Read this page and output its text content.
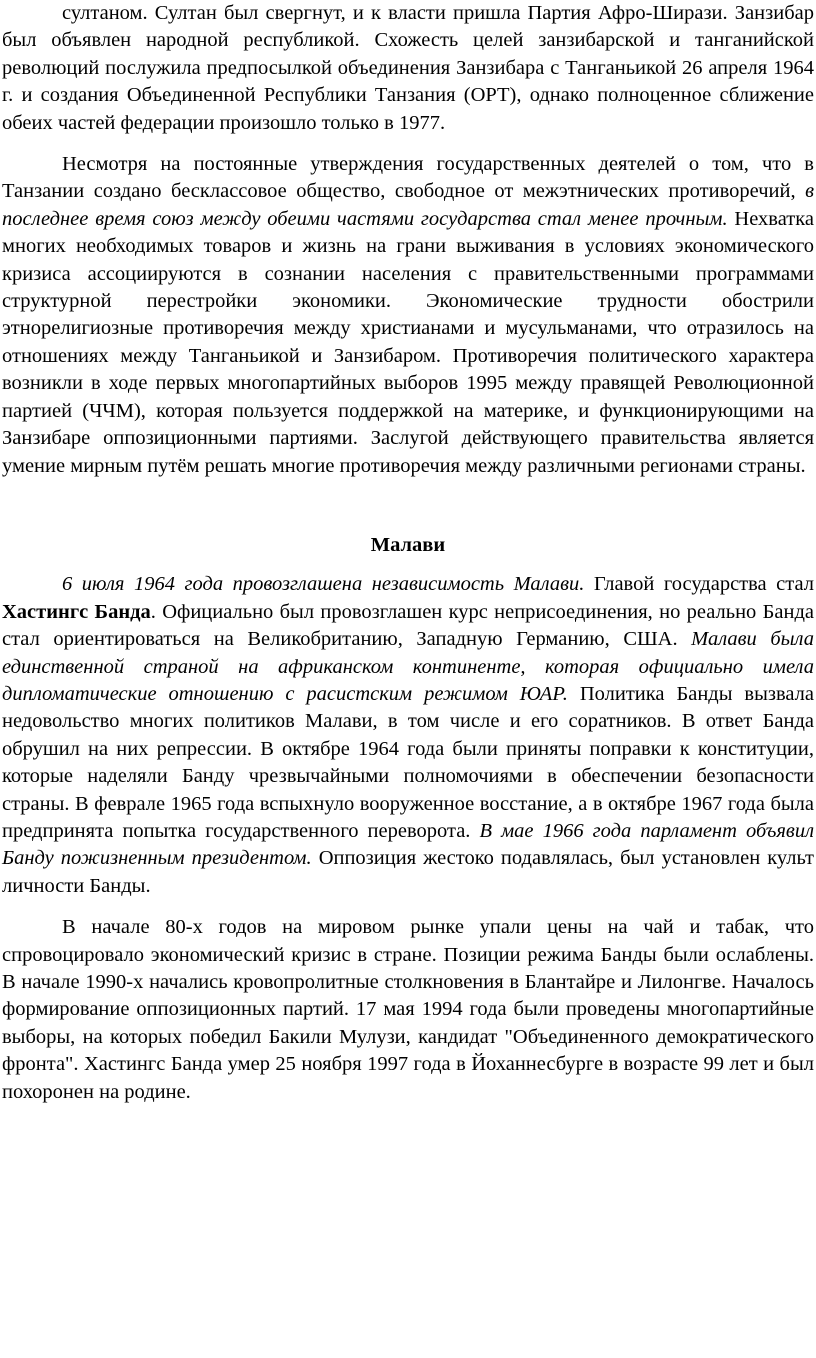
султаном. Султан был свергнут, и к власти пришла Партия Афро-Ширази. Занзибар был объявлен народной республикой. Схожесть целей занзибарской и танганийской революций послужила предпосылкой объединения Занзибара с Танганьикой 26 апреля 1964 г. и создания Объединенной Республики Танзания (ОРТ), однако полноценное сближение обеих частей федерации произошло только в 1977.

Несмотря на постоянные утверждения государственных деятелей о том, что в Танзании создано бесклассовое общество, свободное от межэтнических противоречий, в последнее время союз между обеими частями государства стал менее прочным. Нехватка многих необходимых товаров и жизнь на грани выживания в условиях экономического кризиса ассоциируются в сознании населения с правительственными программами структурной перестройки экономики. Экономические трудности обострили этнорелигиозные противоречия между христианами и мусульманами, что отразилось на отношениях между Танганьикой и Занзибаром. Противоречия политического характера возникли в ходе первых многопартийных выборов 1995 между правящей Революционной партией (ЧЧМ), которая пользуется поддержкой на материке, и функционирующими на Занзибаре оппозиционными партиями. Заслугой действующего правительства является умение мирным путём решать многие противоречия между различными регионами страны.

Малави

6 июля 1964 года провозглашена независимость Малави. Главой государства стал Хастингс Банда. Официально был провозглашен курс неприсоединения, но реально Банда стал ориентироваться на Великобританию, Западную Германию, США. Малави была единственной страной на африканском континенте, которая официально имела дипломатические отношению с расистским режимом ЮАР. Политика Банды вызвала недовольство многих политиков Малави, в том числе и его соратников. В ответ Банда обрушил на них репрессии. В октябре 1964 года были приняты поправки к конституции, которые наделяли Банду чрезвычайными полномочиями в обеспечении безопасности страны. В феврале 1965 года вспыхнуло вооруженное восстание, а в октябре 1967 года была предпринята попытка государственного переворота. В мае 1966 года парламент объявил Банду пожизненным президентом. Оппозиция жестоко подавлялась, был установлен культ личности Банды.

В начале 80-х годов на мировом рынке упали цены на чай и табак, что спровоцировало экономический кризис в стране. Позиции режима Банды были ослаблены. В начале 1990-х начались кровопролитные столкновения в Блантайре и Лилонгве. Началось формирование оппозиционных партий. 17 мая 1994 года были проведены многопартийные выборы, на которых победил Бакили Мулузи, кандидат "Объединенного демократического фронта". Хастингс Банда умер 25 ноября 1997 года в Йоханнесбурге в возрасте 99 лет и был похоронен на родине.
